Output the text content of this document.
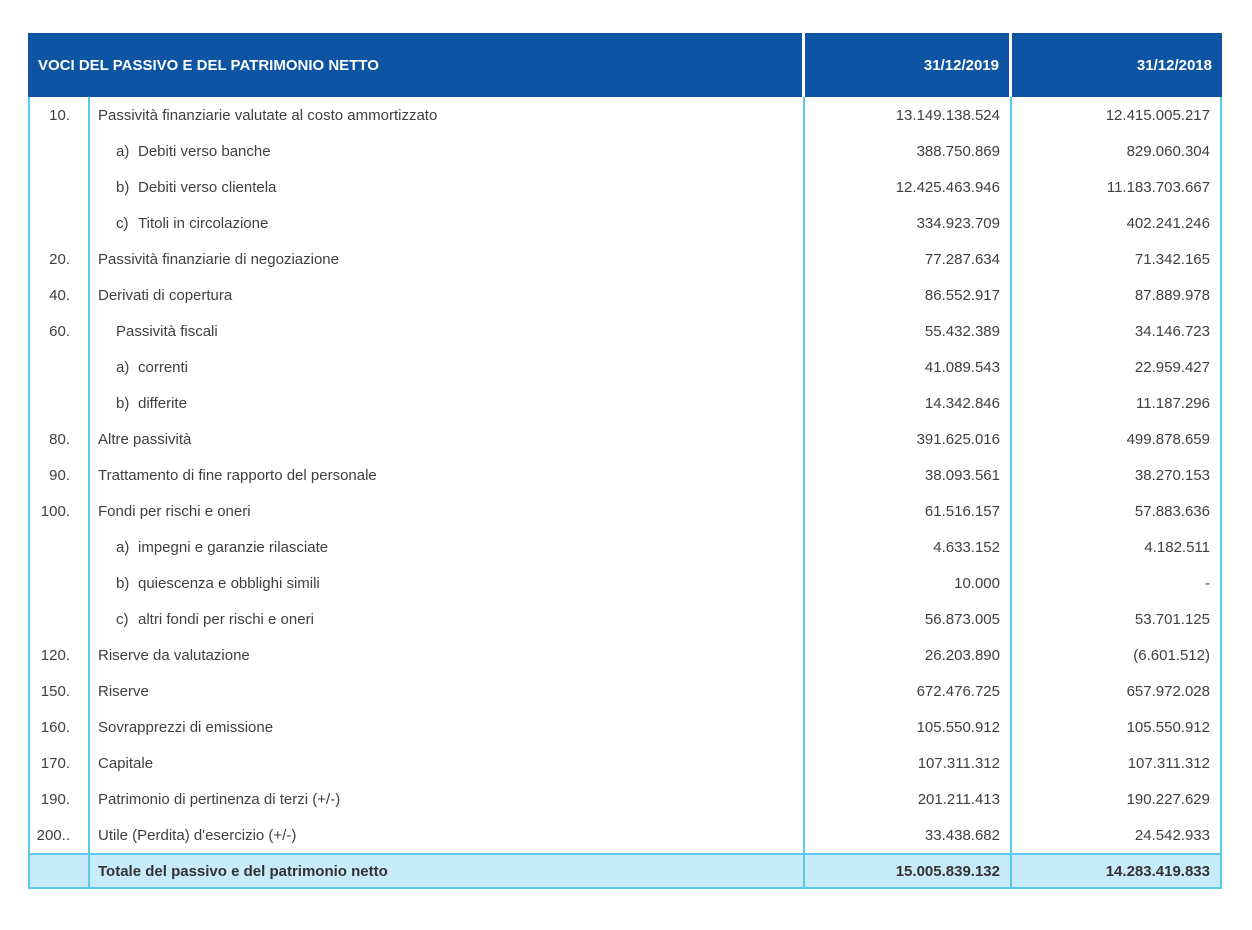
VOCI DEL PASSIVO E DEL PATRIMONIO NETTO		31/12/2019	31/12/2018
10.	Passività finanziarie valutate al costo ammortizzato	13.149.138.524	12.415.005.217
	a) Debiti verso banche	388.750.869	829.060.304
	b) Debiti verso clientela	12.425.463.946	11.183.703.667
	c) Titoli in circolazione	334.923.709	402.241.246
20.	Passività finanziarie di negoziazione	77.287.634	71.342.165
40.	Derivati di copertura	86.552.917	87.889.978
60.	Passività fiscali	55.432.389	34.146.723
	a) correnti	41.089.543	22.959.427
	b) differite	14.342.846	11.187.296
80.	Altre passività	391.625.016	499.878.659
90.	Trattamento di fine rapporto del personale	38.093.561	38.270.153
100.	Fondi per rischi e oneri	61.516.157	57.883.636
	a) impegni e garanzie rilasciate	4.633.152	4.182.511
	b) quiescenza e obblighi simili	10.000	-
	c) altri fondi per rischi e oneri	56.873.005	53.701.125
120.	Riserve da valutazione	26.203.890	(6.601.512)
150.	Riserve	672.476.725	657.972.028
160.	Sovrapprezzi di emissione	105.550.912	105.550.912
170.	Capitale	107.311.312	107.311.312
190.	Patrimonio di pertinenza di terzi (+/-)	201.211.413	190.227.629
200..	Utile (Perdita) d'esercizio (+/-)	33.438.682	24.542.933
	Totale del passivo e del patrimonio netto	15.005.839.132	14.283.419.833
